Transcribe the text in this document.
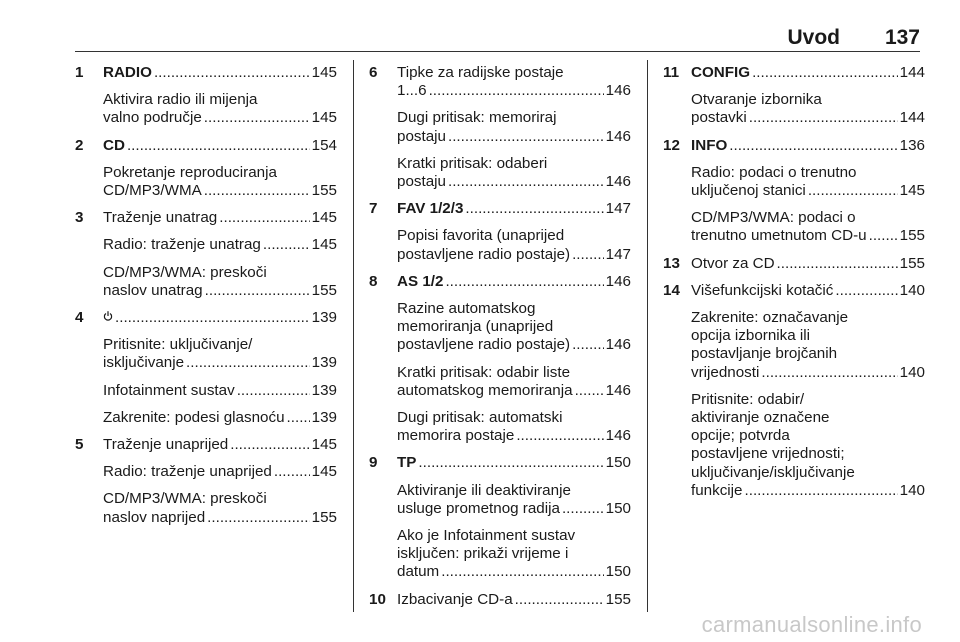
Uvod 137
1 RADIO .....	145
Aktivira radio ili mijenja
valno područje .....	145
2 CD .....	154
Pokretanje reproduciranja
CD/MP3/WMA .....	155
3 Traženje unatrag .....	145
Radio: traženje unatrag .....	145
CD/MP3/WMA: preskoči
naslov unatrag .....	155
4 .....	139
Pritisnite: uključivanje/
isključivanje .....	139
Infotainment sustav .....	139
Zakrenite: podesi glasnoću ..... 139
5 Traženje unaprijed .....	145
Radio: traženje unaprijed .....	145
CD/MP3/WMA: preskoči
naslov naprijed .....	155
6 Tipke za radijske postaje
1...6 .....	146
Dugi pritisak: memoriraj
postaju .....	146
Kratki pritisak: odaberi
postaju .....	146
7 FAV 1/2/3 .....	147
Popisi favorita (unaprijed
postavljene radio postaje) ..... 147
8 AS 1/2 .....	146
Razine automatskog
memoriranja (unaprijed
postavljene radio postaje) ..... 146
Kratki pritisak: odabir liste
automatskog memoriranja ..... 146
Dugi pritisak: automatski
memorira postaje .....	146
9 TP .....	150
Aktiviranje ili deaktiviranje
usluge prometnog radija .....	150
Ako je Infotainment sustav
isključen: prikaži vrijeme i
datum .....	150
10 Izbacivanje CD-a .....	155
11 CONFIG .....	144
Otvaranje izbornika
postavki .....	144
12 INFO .....	136
Radio: podaci o trenutno
uključenoj stanici .....	145
CD/MP3/WMA: podaci o
trenutno umetnutom CD-u ..... 155
13 Otvor za CD .....	155
14 Višefunkcijski kotačić .....	140
Zakrenite: označavanje
opcija izbornika ili
postavljanje brojčanih
vrijednosti .....	140
Pritisnite: odabir/
aktiviranje označene
opcije; potvrda
postavljene vrijednosti;
uključivanje/isključivanje
funkcije .....	140
carmanualsonline.info
